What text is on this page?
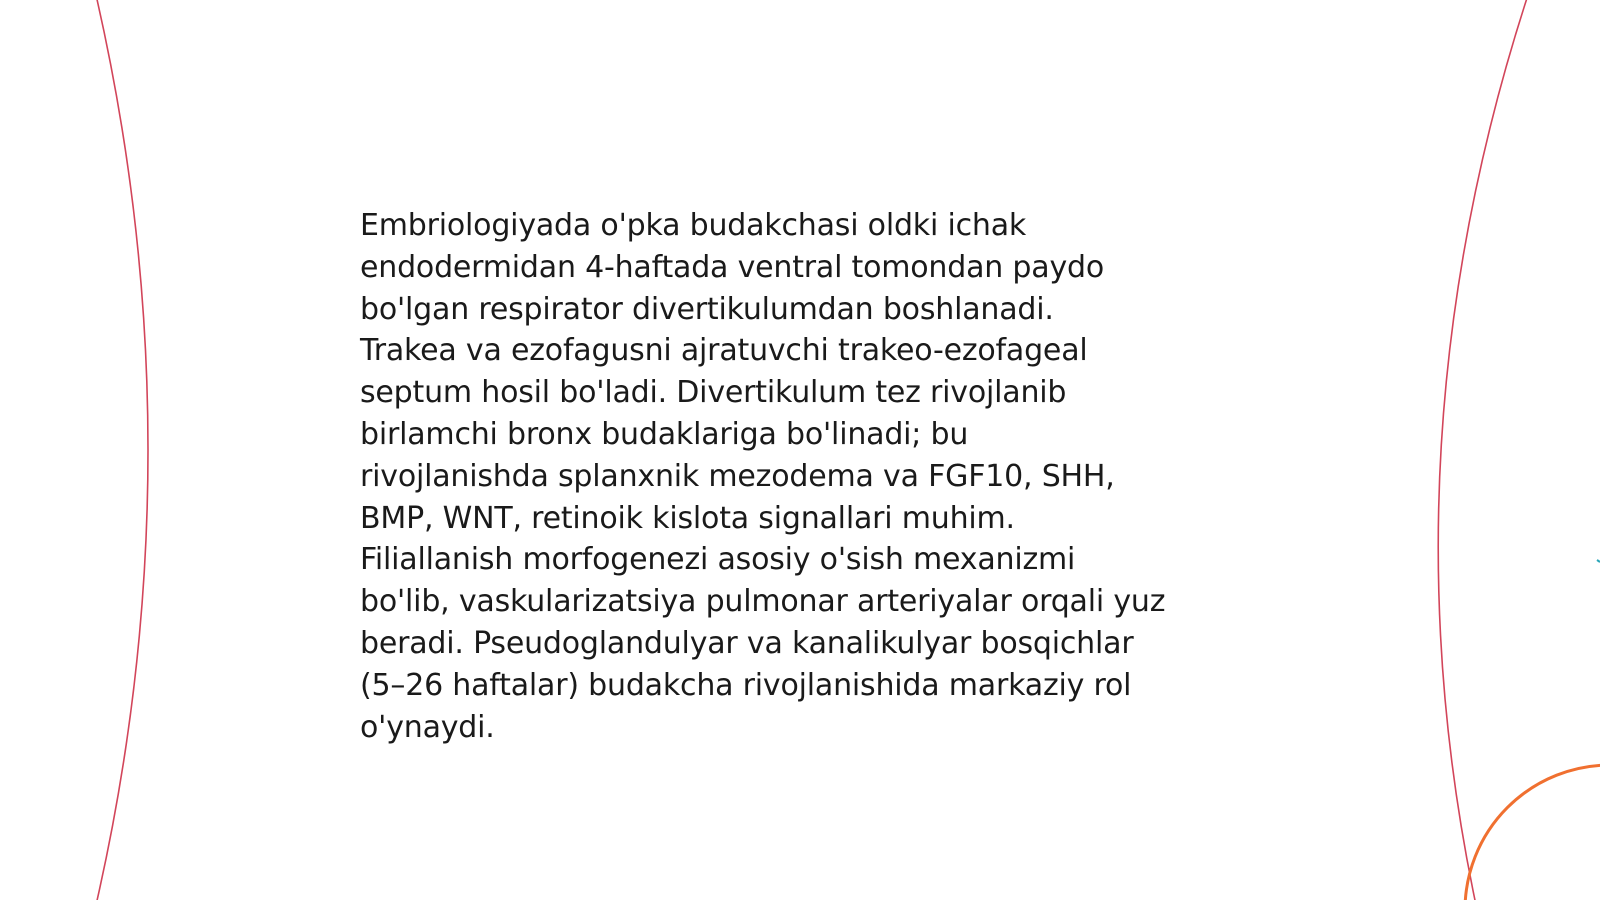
Embriologiyada o'pka budakchasi oldki ichak
endodermidan 4-haftada ventral tomondan paydo
bo'lgan respirator divertikulumdan boshlanadi.
Trakea va ezofagusni ajratuvchi trakeo-ezofageal
septum hosil bo'ladi. Divertikulum tez rivojlanib
birlamchi bronx budaklariga bo'linadi; bu
rivojlanishda splanxnik mezodema va FGF10, SHH,
BMP, WNT, retinoik kislota signallari muhim.
Filiallanish morfogenezi asosiy o'sish mexanizmi
bo'lib, vaskularizatsiya pulmonar arteriyalar orqali yuz
beradi. Pseudoglandulyar va kanalikulyar bosqichlar
(5–26 haftalar) budakcha rivojlanishida markaziy rol
o'ynaydi.
